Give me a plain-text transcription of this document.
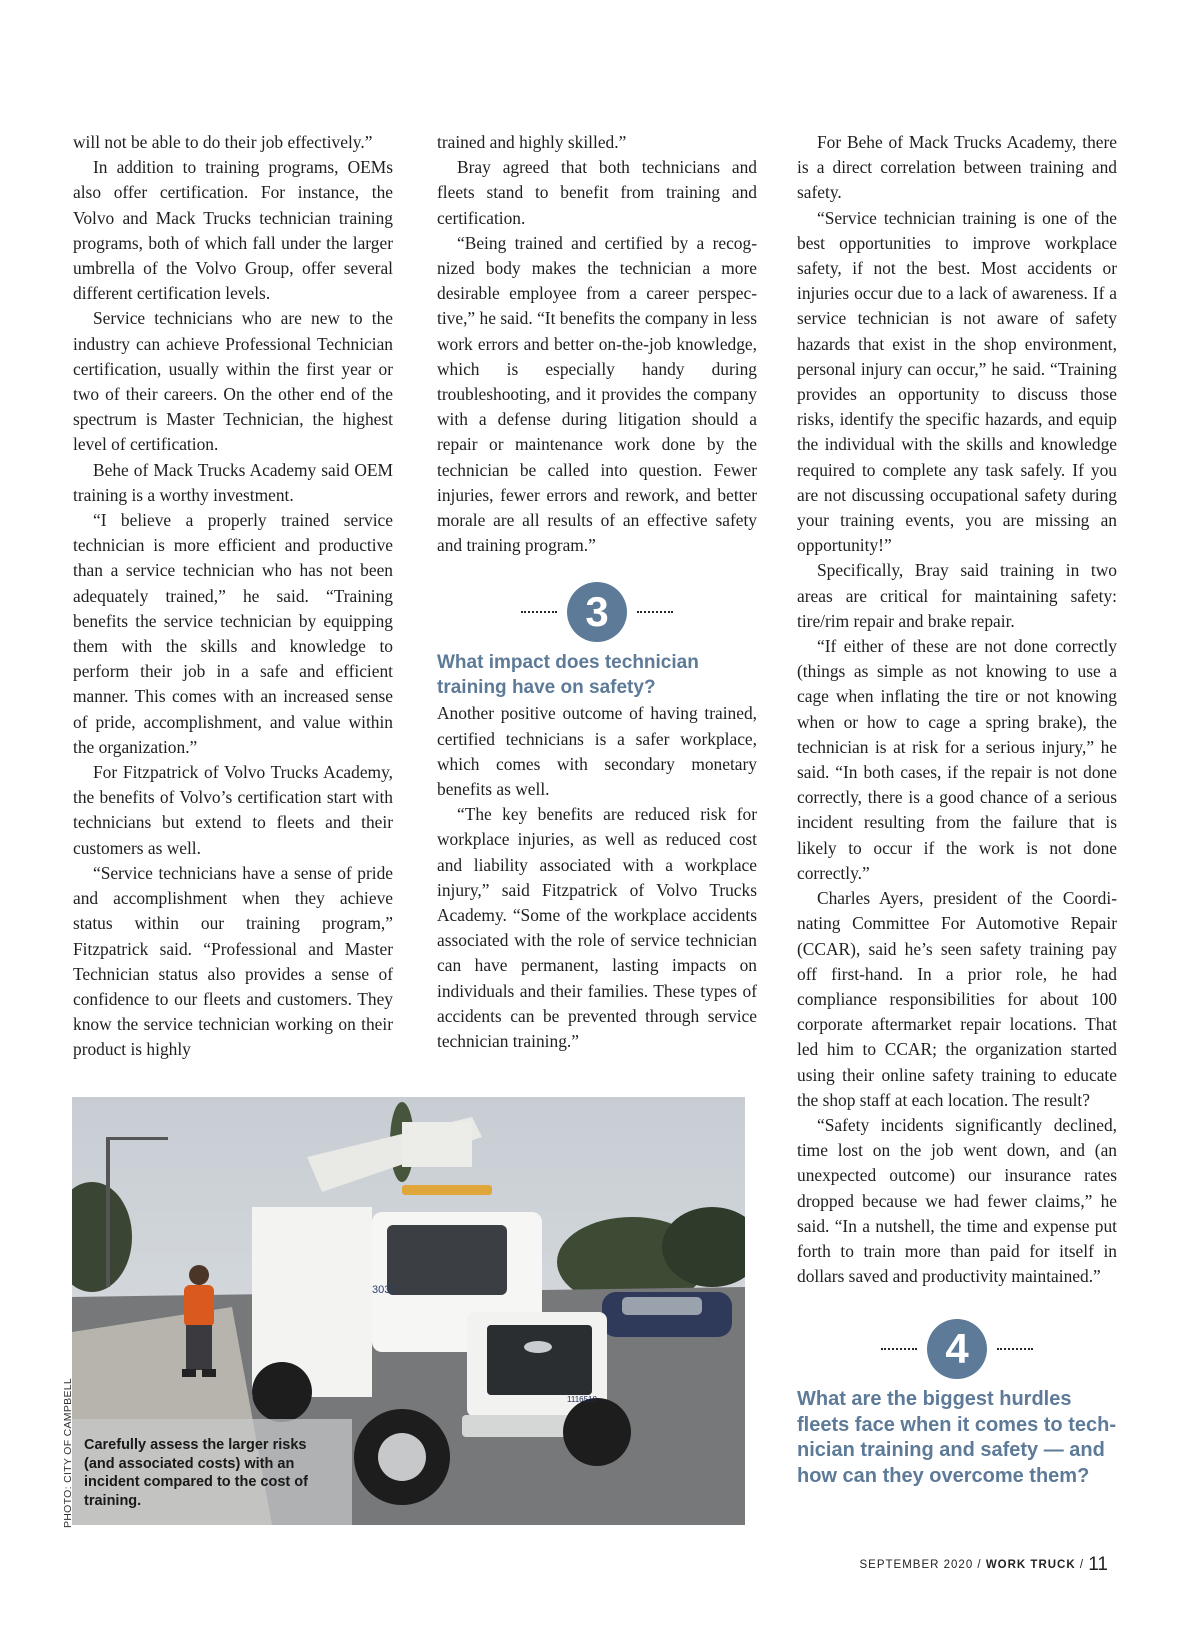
will not be able to do their job effectively.”

In addition to training programs, OEMs also offer certification. For instance, the Volvo and Mack Trucks technician training programs, both of which fall under the larger umbrella of the Volvo Group, offer several different certification levels.

Service technicians who are new to the industry can achieve Professional Technician certification, usually within the first year or two of their careers. On the other end of the spectrum is Master Technician, the highest level of certification.

Behe of Mack Trucks Academy said OEM training is a worthy investment.

“I believe a properly trained service technician is more efficient and productive than a service technician who has not been adequately trained,” he said. “Training benefits the service technician by equipping them with the skills and knowledge to perform their job in a safe and efficient manner. This comes with an increased sense of pride, accomplishment, and value within the organization.”

For Fitzpatrick of Volvo Trucks Academy, the benefits of Volvo’s certification start with technicians but extend to fleets and their customers as well.

“Service technicians have a sense of pride and accomplishment when they achieve status within our training program,” Fitzpatrick said. “Professional and Master Technician status also provides a sense of confidence to our fleets and customers. They know the service technician working on their product is highly

trained and highly skilled.”

Bray agreed that both technicians and fleets stand to benefit from training and certification.

“Being trained and certified by a recognized body makes the technician a more desirable employee from a career perspective,” he said. “It benefits the company in less work errors and better on-the-job knowledge, which is especially handy during troubleshooting, and it provides the company with a defense during litigation should a repair or maintenance work done by the technician be called into question. Fewer injuries, fewer errors and rework, and better morale are all results of an effective safety and training program.”

3
What impact does technician training have on safety?

Another positive outcome of having trained, certified technicians is a safer workplace, which comes with secondary monetary benefits as well.

“The key benefits are reduced risk for workplace injuries, as well as reduced cost and liability associated with a workplace injury,” said Fitzpatrick of Volvo Trucks Academy. “Some of the workplace accidents associated with the role of service technician can have permanent, lasting impacts on individuals and their families. These types of accidents can be prevented through service technician training.”

For Behe of Mack Trucks Academy, there is a direct correlation between training and safety.

“Service technician training is one of the best opportunities to improve workplace safety, if not the best. Most accidents or injuries occur due to a lack of awareness. If a service technician is not aware of safety hazards that exist in the shop environment, personal injury can occur,” he said. “Training provides an opportunity to discuss those risks, identify the specific hazards, and equip the individual with the skills and knowledge required to complete any task safely. If you are not discussing occupational safety during your training events, you are missing an opportunity!”

Specifically, Bray said training in two areas are critical for maintaining safety: tire/rim repair and brake repair.

“If either of these are not done correctly (things as simple as not knowing to use a cage when inflating the tire or not knowing when or how to cage a spring brake), the technician is at risk for a serious injury,” he said. “In both cases, if the repair is not done correctly, there is a good chance of a serious incident resulting from the failure that is likely to occur if the work is not done correctly.”

Charles Ayers, president of the Coordinating Committee For Automotive Repair (CCAR), said he’s seen safety training pay off first-hand. In a prior role, he had compliance responsibilities for about 100 corporate aftermarket repair locations. That led him to CCAR; the organization started using their online safety training to educate the shop staff at each location. The result?

“Safety incidents significantly declined, time lost on the job went down, and (an unexpected outcome) our insurance rates dropped because we had fewer claims,” he said. “In a nutshell, the time and expense put forth to train more than paid for itself in dollars saved and productivity maintained.”

4
What are the biggest hurdles fleets face when it comes to technician training and safety — and how can they overcome them?
3030
1116518
Carefully assess the larger risks (and associated costs) with an incident compared to the cost of training.
PHOTO: CITY OF CAMPBELL
SEPTEMBER 2020 / WORK TRUCK / 11
